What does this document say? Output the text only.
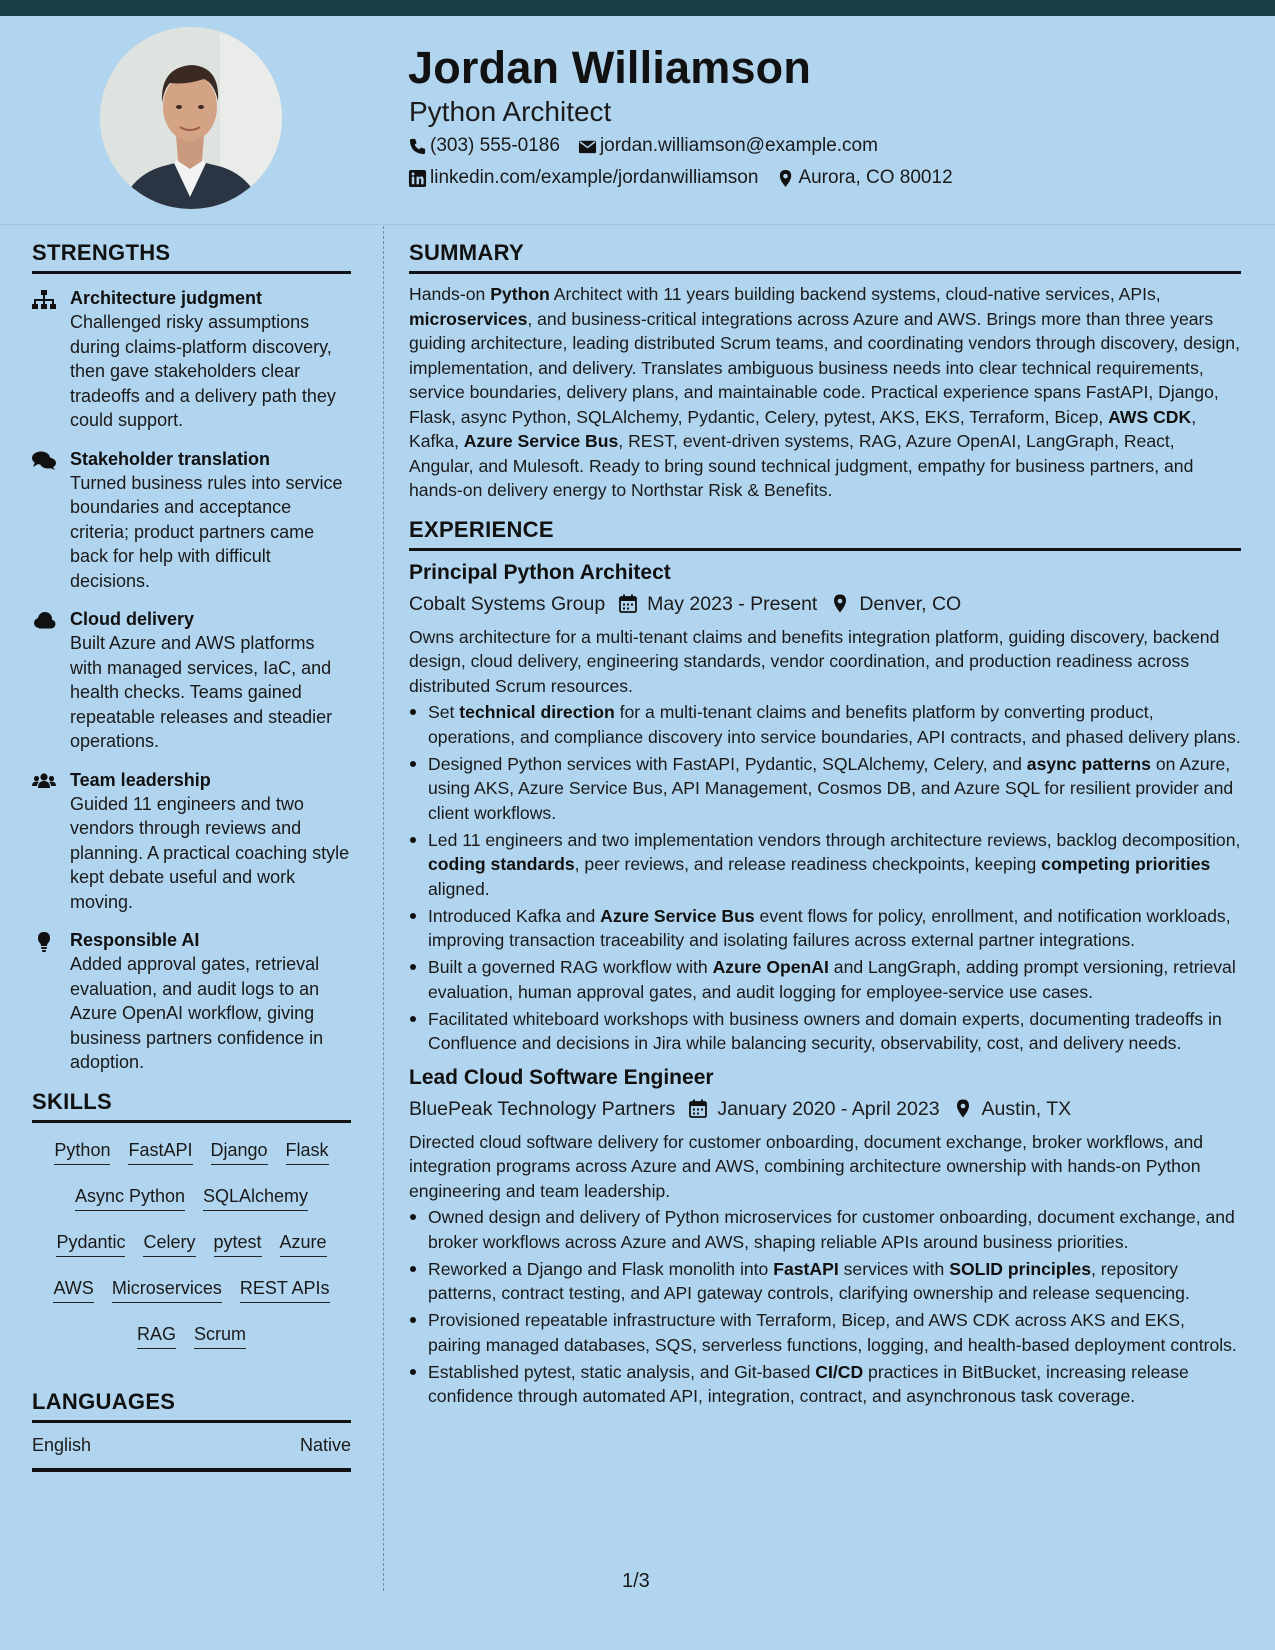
Jordan Williamson
Python Architect
(303) 555-0186 jordan.williamson@example.com
linkedin.com/example/jordanwilliamson Aurora, CO 80012
STRENGTHS
Architecture judgment
Challenged risky assumptions during claims-platform discovery, then gave stakeholders clear tradeoffs and a delivery path they could support.
Stakeholder translation
Turned business rules into service boundaries and acceptance criteria; product partners came back for help with difficult decisions.
Cloud delivery
Built Azure and AWS platforms with managed services, IaC, and health checks. Teams gained repeatable releases and steadier operations.
Team leadership
Guided 11 engineers and two vendors through reviews and planning. A practical coaching style kept debate useful and work moving.
Responsible AI
Added approval gates, retrieval evaluation, and audit logs to an Azure OpenAI workflow, giving business partners confidence in adoption.
SKILLS
Python FastAPI Django Flask
Async Python SQLAlchemy
Pydantic Celery pytest Azure
AWS Microservices REST APIs
RAG Scrum
LANGUAGES
English	Native
SUMMARY
Hands-on Python Architect with 11 years building backend systems, cloud-native services, APIs, microservices, and business-critical integrations across Azure and AWS. Brings more than three years guiding architecture, leading distributed Scrum teams, and coordinating vendors through discovery, design, implementation, and delivery. Translates ambiguous business needs into clear technical requirements, service boundaries, delivery plans, and maintainable code. Practical experience spans FastAPI, Django, Flask, async Python, SQLAlchemy, Pydantic, Celery, pytest, AKS, EKS, Terraform, Bicep, AWS CDK, Kafka, Azure Service Bus, REST, event-driven systems, RAG, Azure OpenAI, LangGraph, React, Angular, and Mulesoft. Ready to bring sound technical judgment, empathy for business partners, and hands-on delivery energy to Northstar Risk & Benefits.
EXPERIENCE
Principal Python Architect
Cobalt Systems Group May 2023 - Present Denver, CO
Owns architecture for a multi-tenant claims and benefits integration platform, guiding discovery, backend design, cloud delivery, engineering standards, vendor coordination, and production readiness across distributed Scrum resources.
Set technical direction for a multi-tenant claims and benefits platform by converting product, operations, and compliance discovery into service boundaries, API contracts, and phased delivery plans.
Designed Python services with FastAPI, Pydantic, SQLAlchemy, Celery, and async patterns on Azure, using AKS, Azure Service Bus, API Management, Cosmos DB, and Azure SQL for resilient provider and client workflows.
Led 11 engineers and two implementation vendors through architecture reviews, backlog decomposition, coding standards, peer reviews, and release readiness checkpoints, keeping competing priorities aligned.
Introduced Kafka and Azure Service Bus event flows for policy, enrollment, and notification workloads, improving transaction traceability and isolating failures across external partner integrations.
Built a governed RAG workflow with Azure OpenAI and LangGraph, adding prompt versioning, retrieval evaluation, human approval gates, and audit logging for employee-service use cases.
Facilitated whiteboard workshops with business owners and domain experts, documenting tradeoffs in Confluence and decisions in Jira while balancing security, observability, cost, and delivery needs.
Lead Cloud Software Engineer
BluePeak Technology Partners January 2020 - April 2023 Austin, TX
Directed cloud software delivery for customer onboarding, document exchange, broker workflows, and integration programs across Azure and AWS, combining architecture ownership with hands-on Python engineering and team leadership.
Owned design and delivery of Python microservices for customer onboarding, document exchange, and broker workflows across Azure and AWS, shaping reliable APIs around business priorities.
Reworked a Django and Flask monolith into FastAPI services with SOLID principles, repository patterns, contract testing, and API gateway controls, clarifying ownership and release sequencing.
Provisioned repeatable infrastructure with Terraform, Bicep, and AWS CDK across AKS and EKS, pairing managed databases, SQS, serverless functions, logging, and health-based deployment controls.
Established pytest, static analysis, and Git-based CI/CD practices in BitBucket, increasing release confidence through automated API, integration, contract, and asynchronous task coverage.
1/3
